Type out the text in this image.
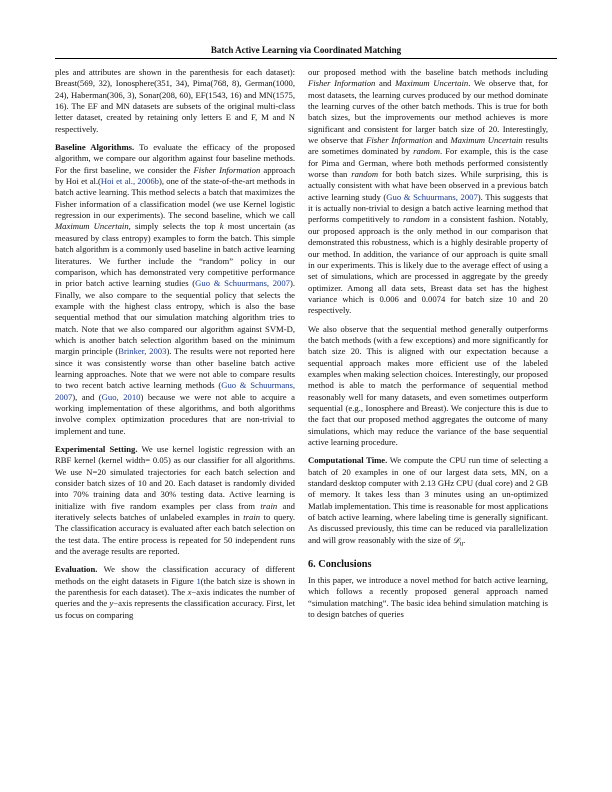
Batch Active Learning via Coordinated Matching

ples and attributes are shown in the parenthesis for each dataset): Breast(569, 32), Ionosphere(351, 34), Pima(768, 8), German(1000, 24), Haberman(306, 3), Sonar(208, 60), EF(1543, 16) and MN(1575, 16). The EF and MN datasets are subsets of the original multi-class letter dataset, created by retaining only letters E and F, M and N respectively.

Baseline Algorithms. To evaluate the efficacy of the proposed algorithm, we compare our algorithm against four baseline methods. For the first baseline, we consider the Fisher Information approach by Hoi et al.(Hoi et al., 2006b), one of the state-of-the-art methods in batch active learning. This method selects a batch that maximizes the Fisher information of a classification model (we use Kernel logistic regression in our experiments). The second baseline, which we call Maximum Uncertain, simply selects the top k most uncertain (as measured by class entropy) examples to form the batch. This simple batch algorithm is a commonly used baseline in batch active learning literatures. We further include the “random” policy in our comparison, which has demonstrated very competitive performance in prior batch active learning studies (Guo & Schuurmans, 2007). Finally, we also compare to the sequential policy that selects the example with the highest class entropy, which is also the base sequential method that our simulation matching algorithm tries to match. Note that we also compared our algorithm against SVM-D, which is another batch selection algorithm based on the minimum margin principle (Brinker, 2003). The results were not reported here since it was consistently worse than other baseline batch active learning approaches. Note that we were not able to compare results to two recent batch active learning methods (Guo & Schuurmans, 2007), and (Guo, 2010) because we were not able to acquire a working implementation of these algorithms, and both algorithms involve complex optimization procedures that are non-trivial to implement and tune.

Experimental Setting. We use kernel logistic regression with an RBF kernel (kernel width= 0.05) as our classifier for all algorithms. We use N=20 simulated trajectories for each batch selection and consider batch sizes of 10 and 20. Each dataset is randomly divided into 70% training data and 30% testing data. Active learning is initialize with five random examples per class from train and iteratively selects batches of unlabeled examples in train to query. The classification accuracy is evaluated after each batch selection on the test data. The entire process is repeated for 50 independent runs and the average results are reported.

Evaluation. We show the classification accuracy of different methods on the eight datasets in Figure 1(the batch size is shown in the parenthesis for each dataset). The x−axis indicates the number of queries and the y−axis represents the classification accuracy. First, let us focus on comparing

our proposed method with the baseline batch methods including Fisher Information and Maximum Uncertain. We observe that, for most datasets, the learning curves produced by our method dominate the learning curves of the other batch methods. This is true for both batch sizes, but the improvements our method achieves is more significant and consistent for larger batch size of 20. Interestingly, we observe that Fisher Information and Maximum Uncertain results are sometimes dominated by random. For example, this is the case for Pima and German, where both methods performed consistently worse than random for both batch sizes. While surprising, this is actually consistent with what have been observed in a previous batch active learning study (Guo & Schuurmans, 2007). This suggests that it is actually non-trivial to design a batch active learning method that performs competitively to random in a consistent fashion. Notably, our proposed approach is the only method in our comparison that demonstrated this robustness, which is a highly desirable property of our method. In addition, the variance of our approach is quite small in our experiments. This is likely due to the average effect of using a set of simulations, which are processed in aggregate by the greedy optimizer. Among all data sets, Breast data set has the highest variance which is 0.006 and 0.0074 for batch size 10 and 20 respectively.

We also observe that the sequential method generally outperforms the batch methods (with a few exceptions) and more significantly for batch size 20. This is aligned with our expectation because a sequential approach makes more efficient use of the labeled examples when making selection choices. Interestingly, our proposed method is able to match the performance of sequential method reasonably well for many datasets, and even sometimes outperform sequential (e.g., Ionosphere and Breast). We conjecture this is due to the fact that our proposed method aggregates the outcome of many simulations, which may reduce the variance of the base sequential active learning procedure.

Computational Time. We compute the CPU run time of selecting a batch of 20 examples in one of our largest data sets, MN, on a standard desktop computer with 2.13 GHz CPU (dual core) and 2 GB of memory. It takes less than 3 minutes using an un-optimized Matlab implementation. This time is reasonable for most applications of batch active learning, where labeling time is generally significant. As discussed previously, this time can be reduced via parallelization and will grow reasonably with the size of 𝒟$_u$.

6. Conclusions

In this paper, we introduce a novel method for batch active learning, which follows a recently proposed general approach named “simulation matching”. The basic idea behind simulation matching is to design batches of queries
